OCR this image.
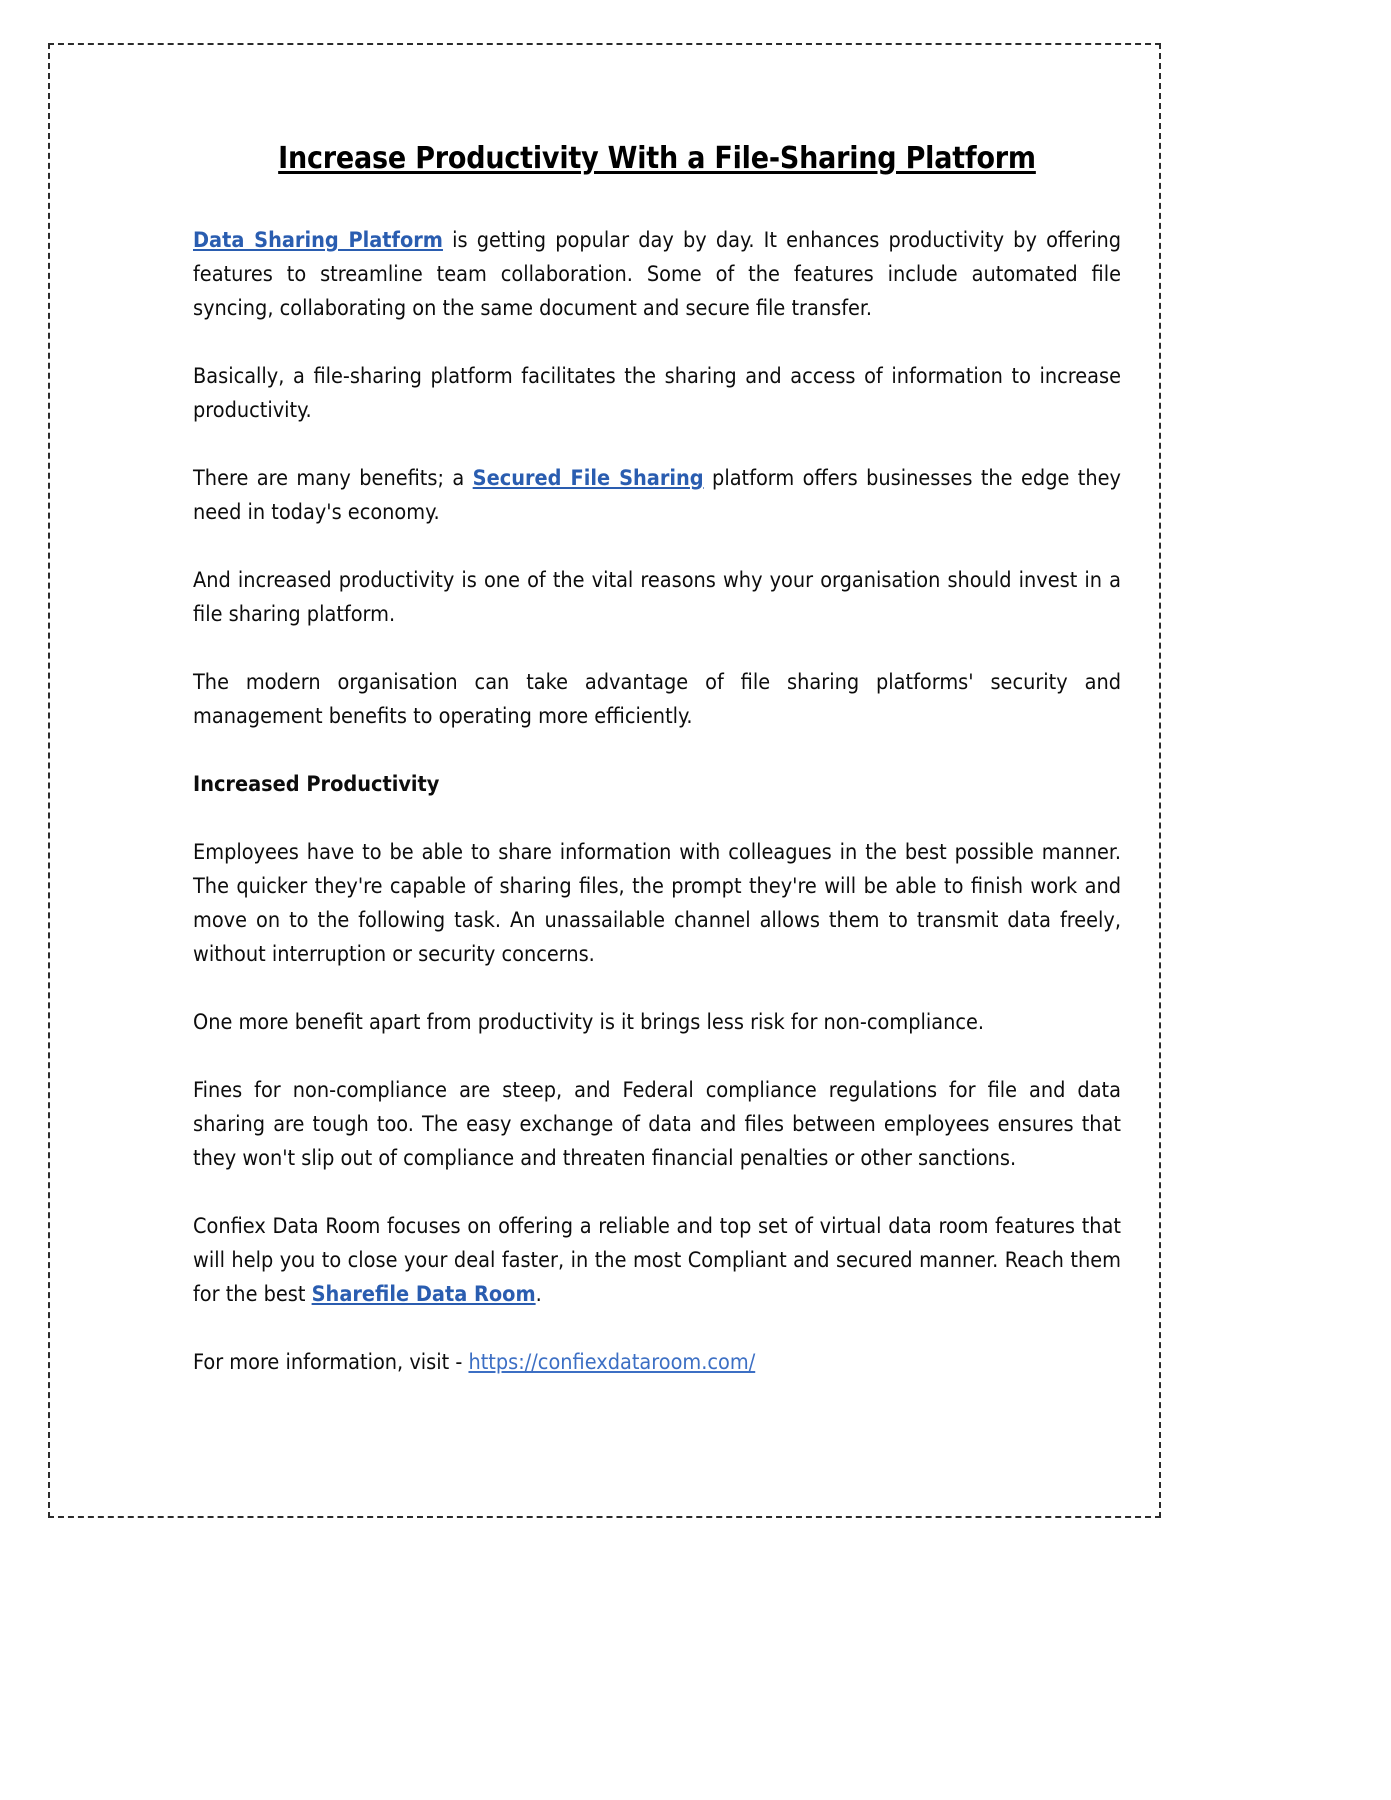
Increase Productivity With a File-Sharing Platform

Data Sharing Platform is getting popular day by day. It enhances productivity by offering features to streamline team collaboration. Some of the features include automated file syncing, collaborating on the same document and secure file transfer.

Basically, a file-sharing platform facilitates the sharing and access of information to increase productivity.

There are many benefits; a Secured File Sharing platform offers businesses the edge they need in today's economy.

And increased productivity is one of the vital reasons why your organisation should invest in a file sharing platform.

The modern organisation can take advantage of file sharing platforms' security and management benefits to operating more efficiently.

Increased Productivity

Employees have to be able to share information with colleagues in the best possible manner. The quicker they're capable of sharing files, the prompt they're will be able to finish work and move on to the following task. An unassailable channel allows them to transmit data freely, without interruption or security concerns.

One more benefit apart from productivity is it brings less risk for non-compliance.

Fines for non-compliance are steep, and Federal compliance regulations for file and data sharing are tough too. The easy exchange of data and files between employees ensures that they won't slip out of compliance and threaten financial penalties or other sanctions.

Confiex Data Room focuses on offering a reliable and top set of virtual data room features that will help you to close your deal faster, in the most Compliant and secured manner. Reach them for the best Sharefile Data Room.

For more information, visit - https://confiexdataroom.com/
